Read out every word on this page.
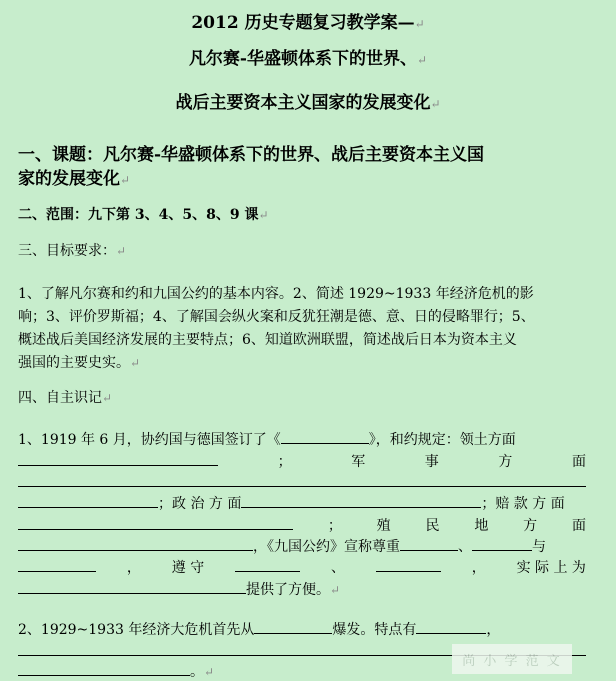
2012 历史专题复习教学案—↵
凡尔赛-华盛顿体系下的世界、↵
战后主要资本主义国家的发展变化↵
一、课题：凡尔赛-华盛顿体系下的世界、战后主要资本主义国
家的发展变化↵
二、范围：九下第 3、4、5、8、9 课↵
三、目标要求：↵
1、了解凡尔赛和约和九国公约的基本内容。2、简述 1929~1933 年经济危机的影
响；3、评价罗斯福；4、了解国会纵火案和反犹狂潮是德、意、日的侵略罪行；5、
概述战后美国经济发展的主要特点；6、知道欧洲联盟，简述战后日本为资本主义
强国的主要史实。↵
四、自主识记↵
1、1919 年 6 月，协约国与德国签订了《	》，和约规定：领土方面
；	军	事	方	面
；政 治 方 面	；赔 款 方 面
； 殖 民 地 方 面
，《九国公约》宣称尊重	、	与
， 遵 守	、	， 实 际 上 为
提供了方便。↵
2、1929~1933 年经济大危机首先从	爆发。特点有	，
。↵
尚 小 学 范 文
